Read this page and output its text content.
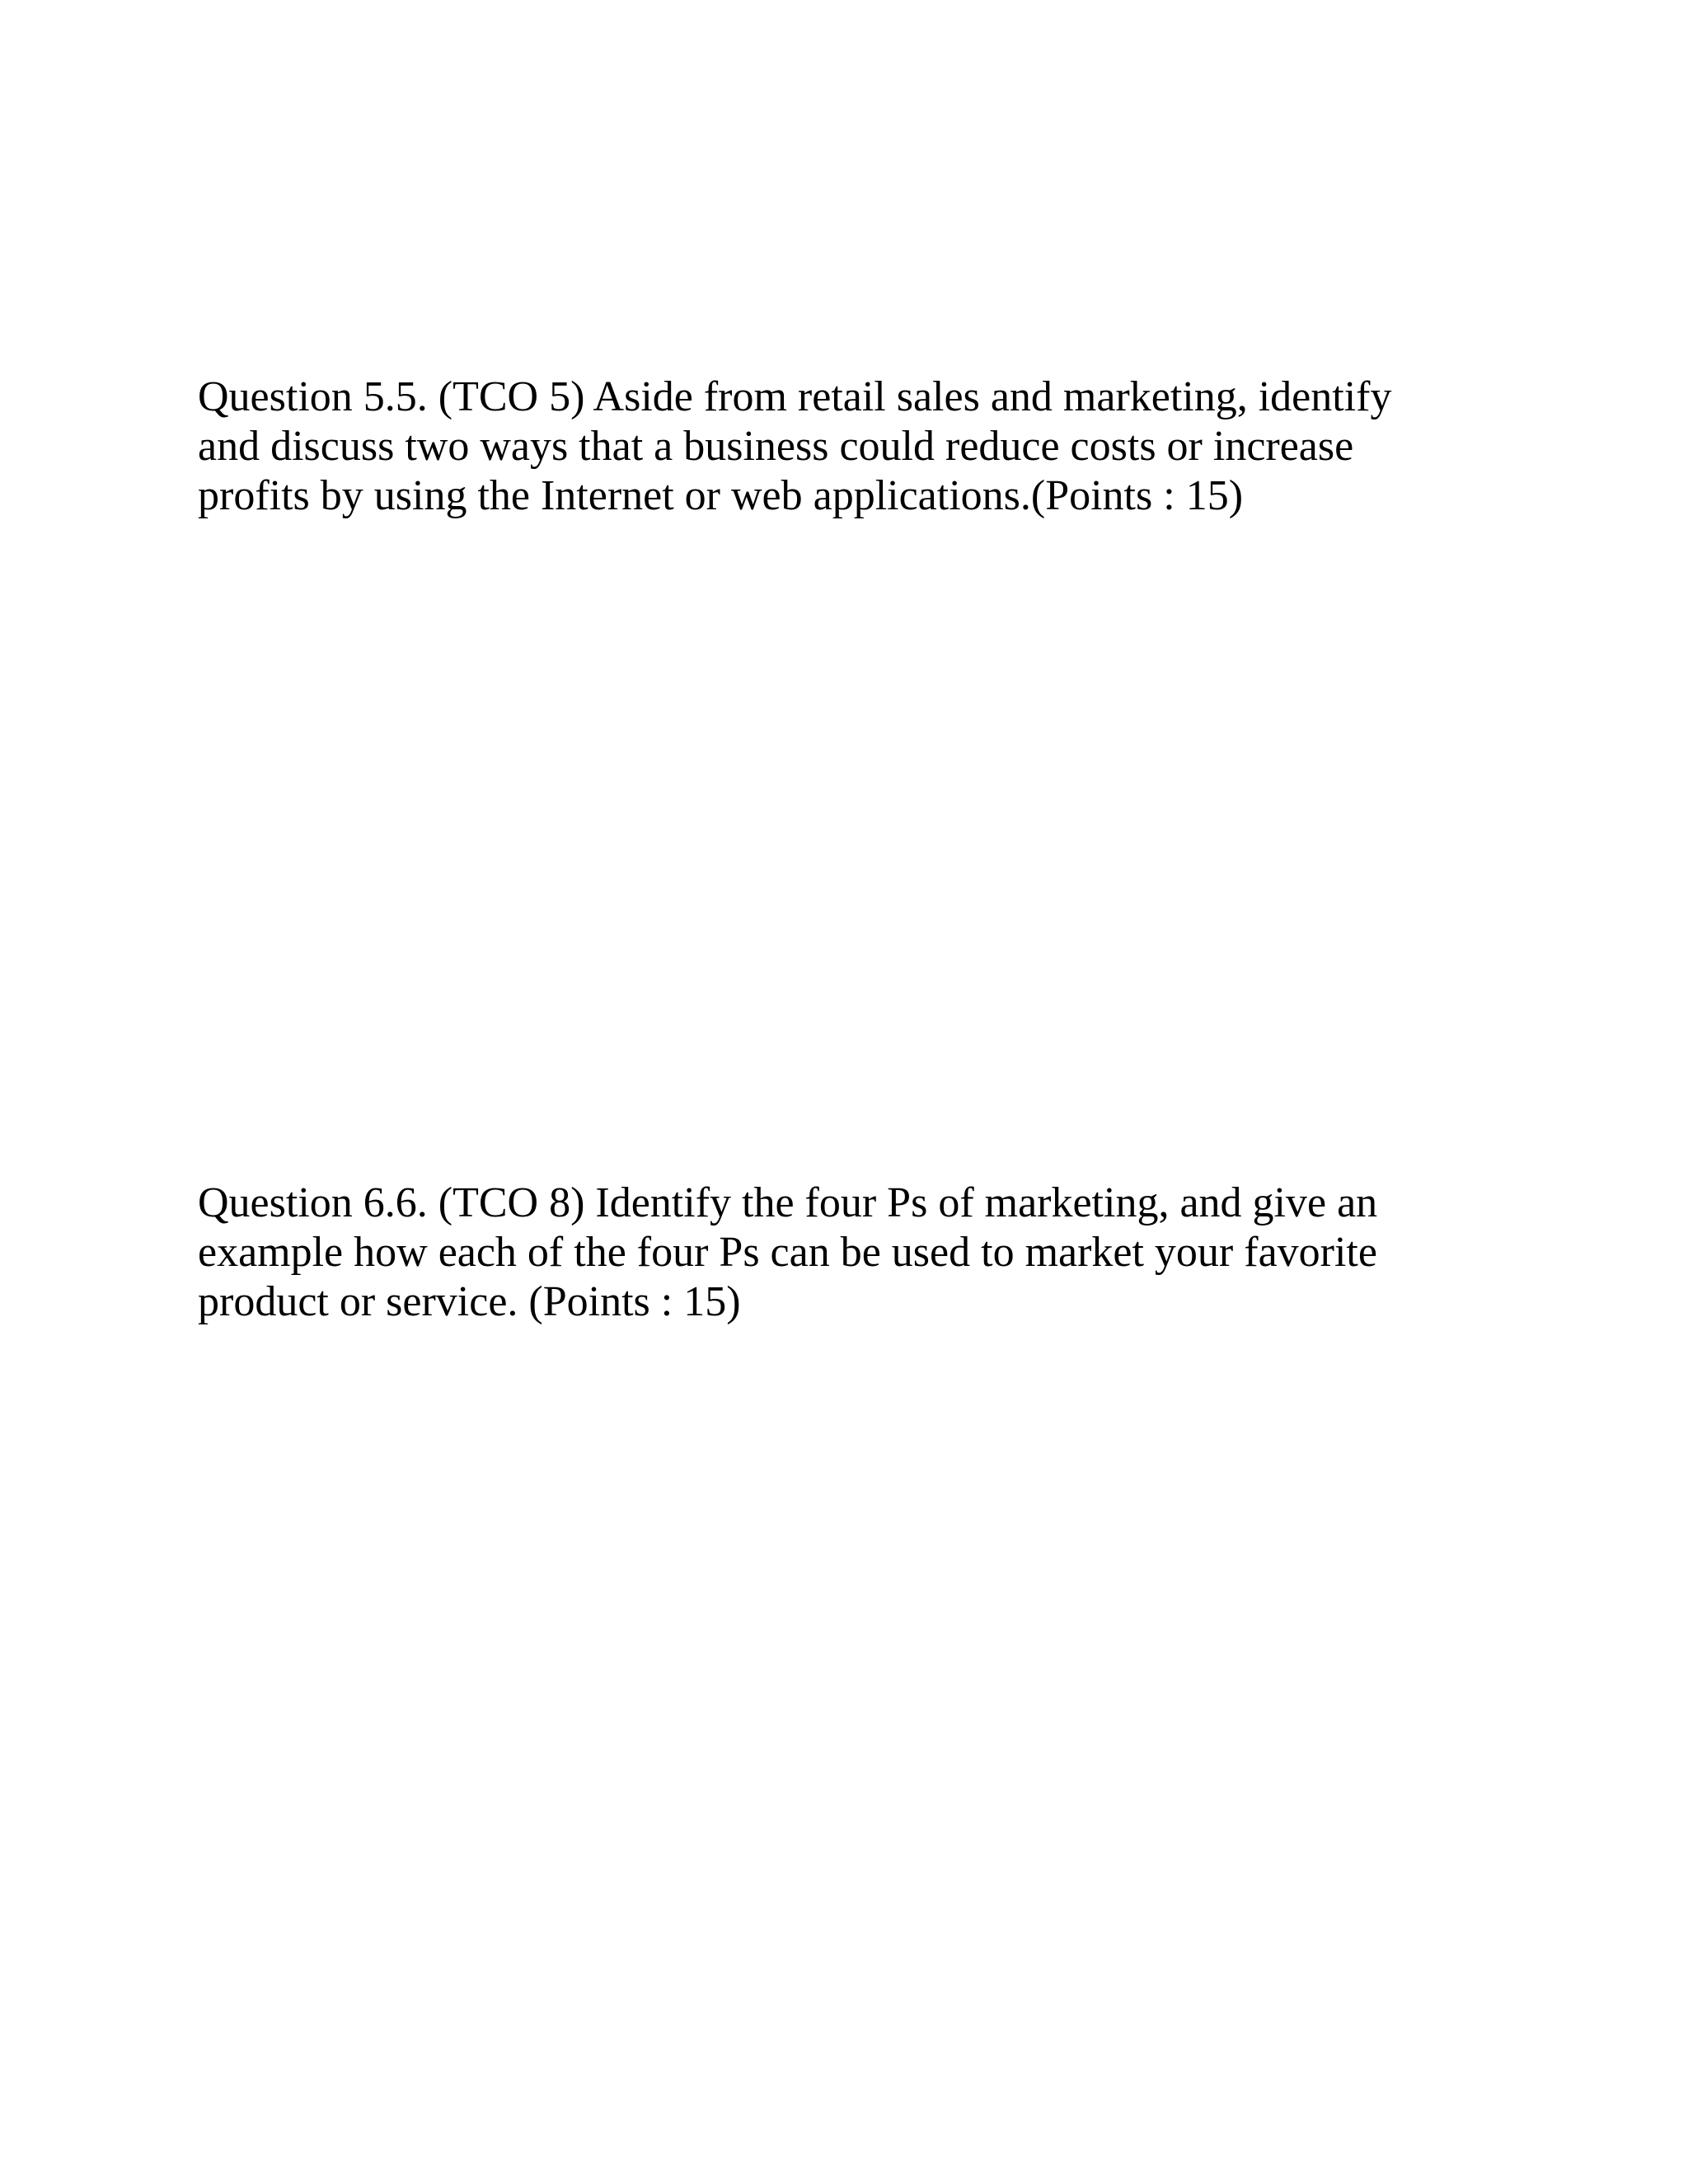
Question 5.5. (TCO 5) Aside from retail sales and marketing, identify
and discuss two ways that a business could reduce costs or increase
profits by using the Internet or web applications.(Points : 15)

Question 6.6. (TCO 8) Identify the four Ps of marketing, and give an
example how each of the four Ps can be used to market your favorite
product or service. (Points : 15)
